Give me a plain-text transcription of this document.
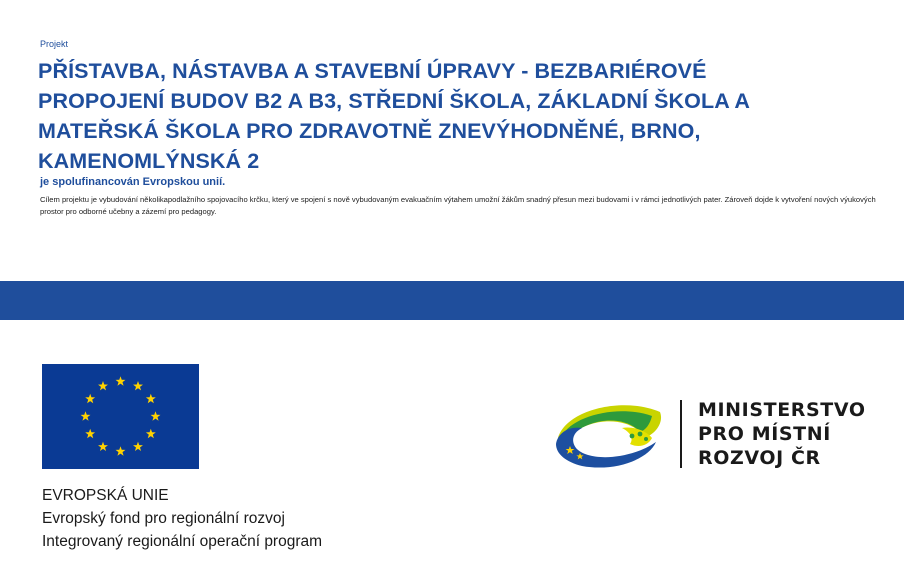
Projekt
PŘÍSTAVBA, NÁSTAVBA A STAVEBNÍ ÚPRAVY - BEZBARIÉROVÉ PROPOJENÍ BUDOV B2 A B3, STŘEDNÍ ŠKOLA, ZÁKLADNÍ ŠKOLA A MATEŘSKÁ ŠKOLA PRO ZDRAVOTNĚ ZNEVÝHODNĚNÉ, BRNO, KAMENOMLÝNSKÁ 2
je spolufinancován Evropskou unií.
Cílem projektu je vybudování několikapodlažního spojovacího krčku, který ve spojení s nově vybudovaným evakuačním výtahem umožní žákům snadný přesun mezi budovami i v rámci jednotlivých pater. Zároveň dojde k vytvoření nových výukových prostor pro odborné učebny a zázemí pro pedagogy.
EVROPSKÁ UNIE
Evropský fond pro regionální rozvoj
Integrovaný regionální operační program
MINISTERSTVO
PRO MÍSTNÍ
ROZVOJ ČR
